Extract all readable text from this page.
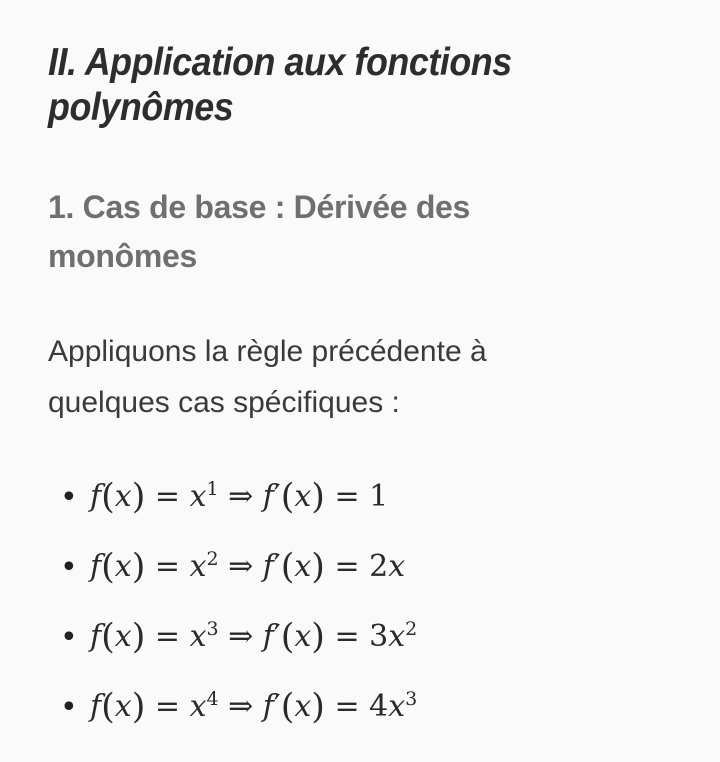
II. Application aux fonctions
polynômes
1. Cas de base : Dérivée des
monômes

Appliquons la règle précédente à
quelques cas spécifiques :

• $f(x) = x^1$ ⇒ f′(x) = 1
• $f(x) = x^2$ ⇒ f′(x) = 2x
• $f(x) = x^3$ ⇒ $f'(x) = 3x^2$
• $f(x) = x^4$ ⇒ $f'(x) = 4x^3$
